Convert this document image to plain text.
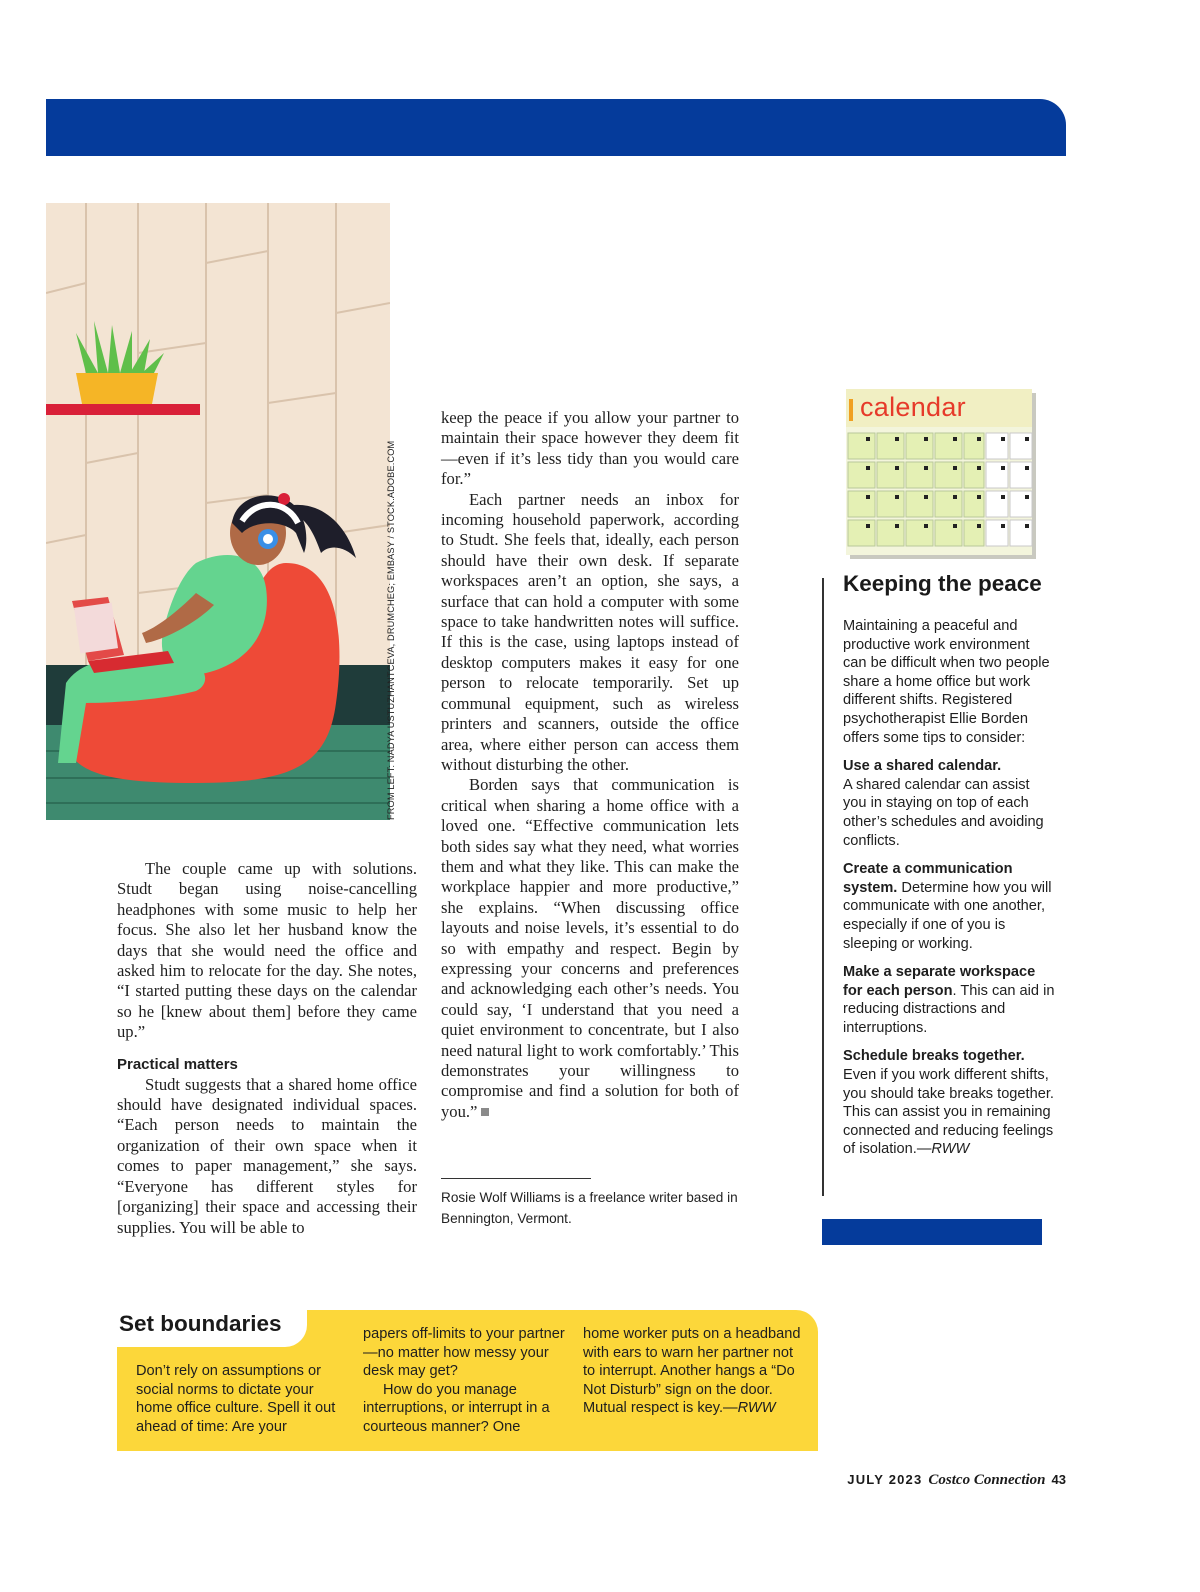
FROM LEFT: NADYA USTUZHANTCEVA, DRUMCHEG; EMBASY / STOCK.ADOBE.COM

keep the peace if you allow your partner to maintain their space however they deem fit—even if it’s less tidy than you would care for.”

Each partner needs an inbox for incoming household paperwork, according to Studt. She feels that, ideally, each person should have their own desk. If separate workspaces aren’t an option, she says, a surface that can hold a computer with some space to take handwritten notes will suffice. If this is the case, using laptops instead of desktop computers makes it easy for one person to relocate temporarily. Set up communal equipment, such as wireless printers and scanners, outside the office area, where either person can access them without disturbing the other.

Borden says that communication is critical when sharing a home office with a loved one. “Effective communication lets both sides say what they need, what worries them and what they like. This can make the workplace happier and more productive,” she explains. “When discussing office layouts and noise levels, it’s essential to do so with empathy and respect. Begin by expressing your concerns and preferences and acknowledging each other’s needs. You could say, ‘I understand that you need a quiet environment to concentrate, but I also need natural light to work comfortably.’ This demonstrates your willingness to compromise and find a solution for both of you.”

Rosie Wolf Williams is a freelance writer based in Bennington, Vermont.

The couple came up with solutions. Studt began using noise-cancelling headphones with some music to help her focus. She also let her husband know the days that she would need the office and asked him to relocate for the day. She notes, “I started putting these days on the calendar so he [knew about them] before they came up.”

Practical matters

Studt suggests that a shared home office should have designated individual spaces. “Each person needs to maintain the organization of their own space when it comes to paper management,” she says. “Everyone has different styles for [organizing] their space and accessing their supplies. You will be able to

calendar
Keeping the peace

Maintaining a peaceful and productive work environment can be difficult when two people share a home office but work different shifts. Registered psychotherapist Ellie Borden offers some tips to consider:

Use a shared calendar.
A shared calendar can assist you in staying on top of each other’s schedules and avoiding conflicts.

Create a communication system. Determine how you will communicate with one another, especially if one of you is sleeping or working.

Make a separate workspace for each person. This can aid in reducing distractions and interruptions.

Schedule breaks together.
Even if you work different shifts, you should take breaks together. This can assist you in remaining connected and reducing feelings of isolation.—RWW

Set boundaries

Don’t rely on assumptions or social norms to dictate your home office culture. Spell it out ahead of time: Are your

papers off-limits to your partner—no matter how messy your desk may get?

How do you manage interruptions, or interrupt in a courteous manner? One

home worker puts on a headband with ears to warn her partner not to interrupt. Another hangs a “Do Not Disturb” sign on the door. Mutual respect is key.—RWW

JULY 2023 Costco Connection 43
